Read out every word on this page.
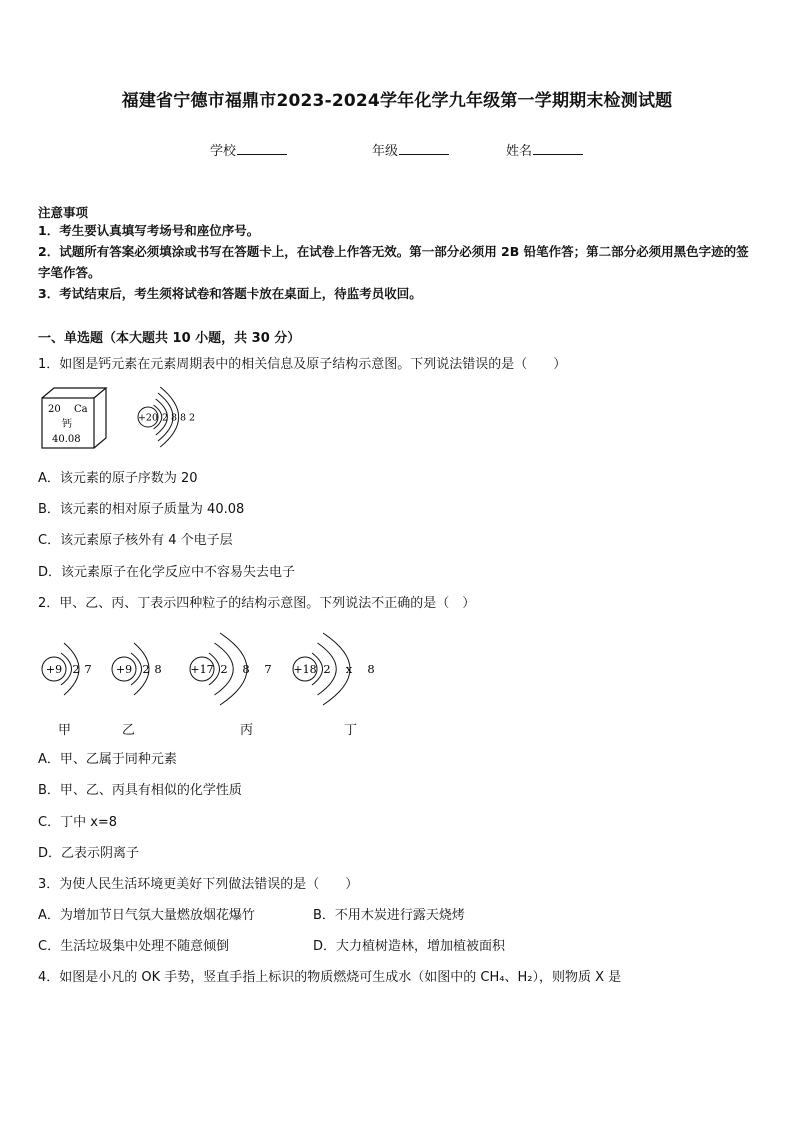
福建省宁德市福鼎市2023-2024学年化学九年级第一学期期末检测试题
学校	年级	姓名
注意事项
1．考生要认真填写考场号和座位序号。
2．试题所有答案必须填涂或书写在答题卡上，在试卷上作答无效。第一部分必须用 2B 铅笔作答；第二部分必须用黑色字迹的签字笔作答。
3．考试结束后，考生须将试卷和答题卡放在桌面上，待监考员收回。
一、单选题（本大题共 10 小题，共 30 分）
1．如图是钙元素在元素周期表中的相关信息及原子结构示意图。下列说法错误的是（　　）
20 Ca
钙
40.08
+20 2 8 8 2
A．该元素的原子序数为 20
B．该元素的相对原子质量为 40.08
C．该元素原子核外有 4 个电子层
D．该元素原子在化学反应中不容易失去电子
2．甲、乙、丙、丁表示四种粒子的结构示意图。下列说法不正确的是（　）
+9 2 7 +9 2 8	+17 2 8 7 +18 2 x 8
甲	乙	丙	丁
A．甲、乙属于同种元素
B．甲、乙、丙具有相似的化学性质
C．丁中 x=8
D．乙表示阴离子
3．为使人民生活环境更美好下列做法错误的是（　　）
A．为增加节日气氛大量燃放烟花爆竹	B．不用木炭进行露天烧烤
C．生活垃圾集中处理不随意倾倒	D．大力植树造林，增加植被面积
4．如图是小凡的 OK 手势，竖直手指上标识的物质燃烧可生成水（如图中的 CH₄、H₂），则物质 X 是
